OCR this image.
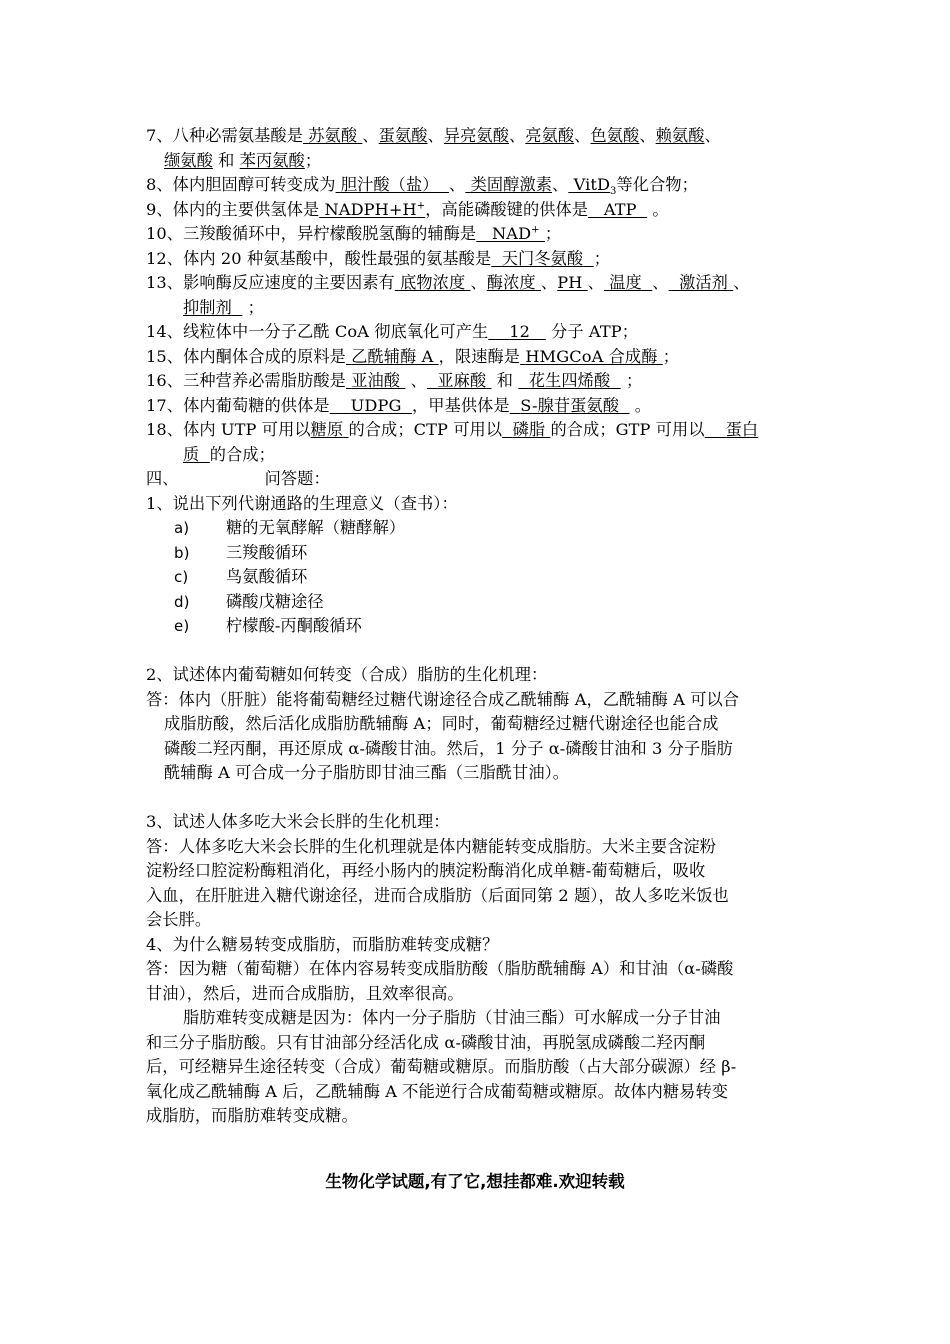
7、八种必需氨基酸是 苏氨酸 、蛋氨酸、异亮氨酸、亮氨酸、色氨酸、赖氨酸、
缬氨酸 和 苯丙氨酸；
8、体内胆固醇可转变成为 胆汁酸（盐） 、 类固醇激素、 VitD$_3$等化合物；
9、体内的主要供氢体是 NADPH+H+，高能磷酸键的供体是 ATP 。
10、三羧酸循环中，异柠檬酸脱氢酶的辅酶是 NAD+ ；
12、体内 20 种氨基酸中，酸性最强的氨基酸是 天门冬氨酸 ；
13、影响酶反应速度的主要因素有 底物浓度 、酶浓度 、PH 、 温度 、 激活剂 、
抑制剂 ；
14、线粒体中一分子乙酰 CoA 彻底氧化可产生 12 分子 ATP；
15、体内酮体合成的原料是 乙酰辅酶 A ，限速酶是 HMGCoA 合成酶 ；
16、三种营养必需脂肪酸是 亚油酸  、 亚麻酸 和 花生四烯酸 ；
17、体内葡萄糖的供体是 UDPG ，甲基供体是 S-腺苷蛋氨酸 。
18、体内 UTP 可用以糖原 的合成；CTP 可用以 磷脂 的合成；GTP 可用以 蛋白
质 的合成；
四、	问答题：
1、说出下列代谢通路的生理意义（查书）：
a) 糖的无氧酵解（糖酵解）
b) 三羧酸循环
c) 鸟氨酸循环
d) 磷酸戊糖途径
e) 柠檬酸-丙酮酸循环
2、试述体内葡萄糖如何转变（合成）脂肪的生化机理：
答：体内（肝脏）能将葡萄糖经过糖代谢途径合成乙酰辅酶 A，乙酰辅酶 A 可以合
成脂肪酸，然后活化成脂肪酰辅酶 A；同时，葡萄糖经过糖代谢途径也能合成
磷酸二羟丙酮，再还原成 α-磷酸甘油。然后，1 分子 α-磷酸甘油和 3 分子脂肪
酰辅酶 A 可合成一分子脂肪即甘油三酯（三脂酰甘油）。
3、试述人体多吃大米会长胖的生化机理：
答：人体多吃大米会长胖的生化机理就是体内糖能转变成脂肪。大米主要含淀粉
淀粉经口腔淀粉酶粗消化，再经小肠内的胰淀粉酶消化成单糖-葡萄糖后，吸收
入血，在肝脏进入糖代谢途径，进而合成脂肪（后面同第 2 题），故人多吃米饭也
会长胖。
4、为什么糖易转变成脂肪，而脂肪难转变成糖？
答：因为糖（葡萄糖）在体内容易转变成脂肪酸（脂肪酰辅酶 A）和甘油（α-磷酸
甘油），然后，进而合成脂肪，且效率很高。
脂肪难转变成糖是因为：体内一分子脂肪（甘油三酯）可水解成一分子甘油
和三分子脂肪酸。只有甘油部分经活化成 α-磷酸甘油，再脱氢成磷酸二羟丙酮
后，可经糖异生途径转变（合成）葡萄糖或糖原。而脂肪酸（占大部分碳源）经 β-
氧化成乙酰辅酶 A 后，乙酰辅酶 A 不能逆行合成葡萄糖或糖原。故体内糖易转变
成脂肪，而脂肪难转变成糖。
生物化学试题,有了它,想挂都难.欢迎转载
